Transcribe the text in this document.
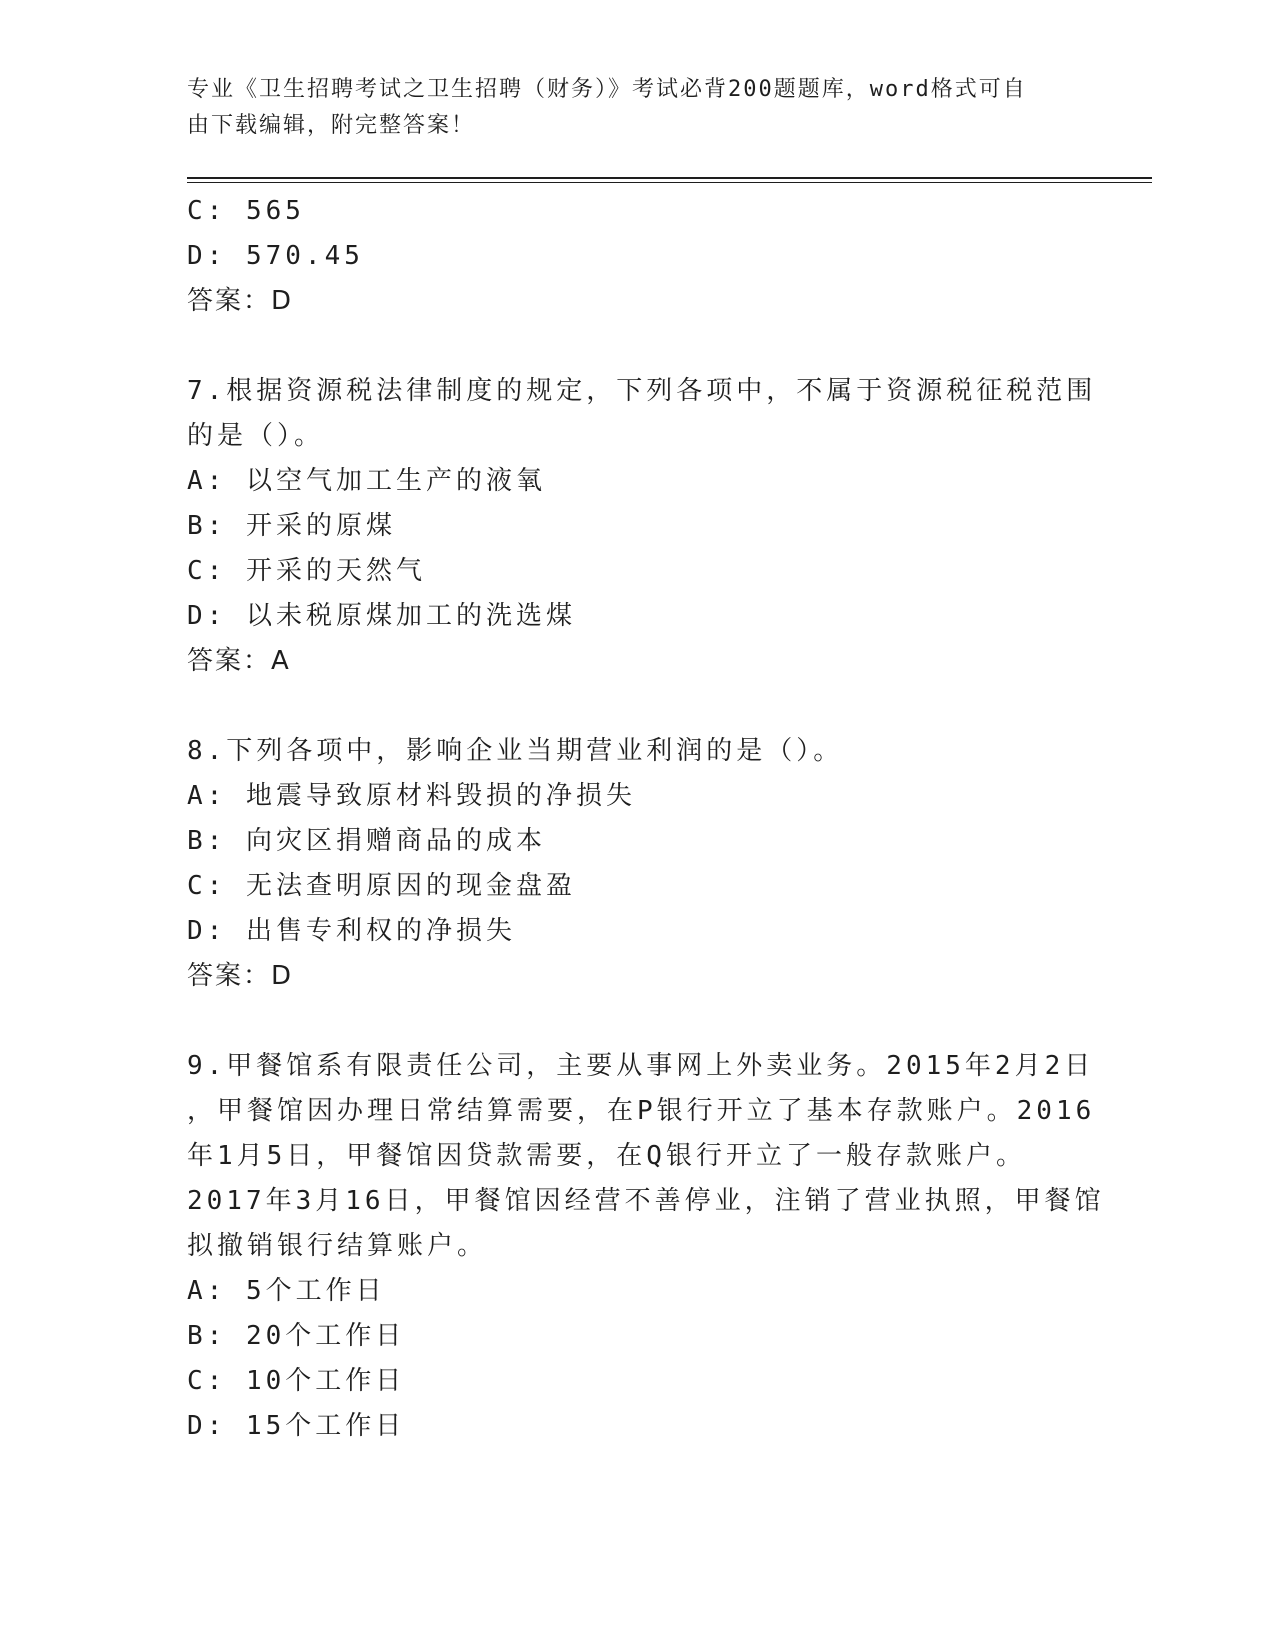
专业《卫生招聘考试之卫生招聘（财务）》考试必背200题题库，word格式可自
由下载编辑，附完整答案！
C: 565
D: 570.45
答案：D
7.根据资源税法律制度的规定，下列各项中，不属于资源税征税范围
的是（）。
A: 以空气加工生产的液氧
B: 开采的原煤
C: 开采的天然气
D: 以未税原煤加工的洗选煤
答案：A
8.下列各项中，影响企业当期营业利润的是（）。
A: 地震导致原材料毁损的净损失
B: 向灾区捐赠商品的成本
C: 无法查明原因的现金盘盈
D: 出售专利权的净损失
答案：D
9.甲餐馆系有限责任公司，主要从事网上外卖业务。2015年2月2日
，甲餐馆因办理日常结算需要，在P银行开立了基本存款账户。2016
年1月5日，甲餐馆因贷款需要，在Q银行开立了一般存款账户。
2017年3月16日，甲餐馆因经营不善停业，注销了营业执照，甲餐馆
拟撤销银行结算账户。
A: 5个工作日
B: 20个工作日
C: 10个工作日
D: 15个工作日
